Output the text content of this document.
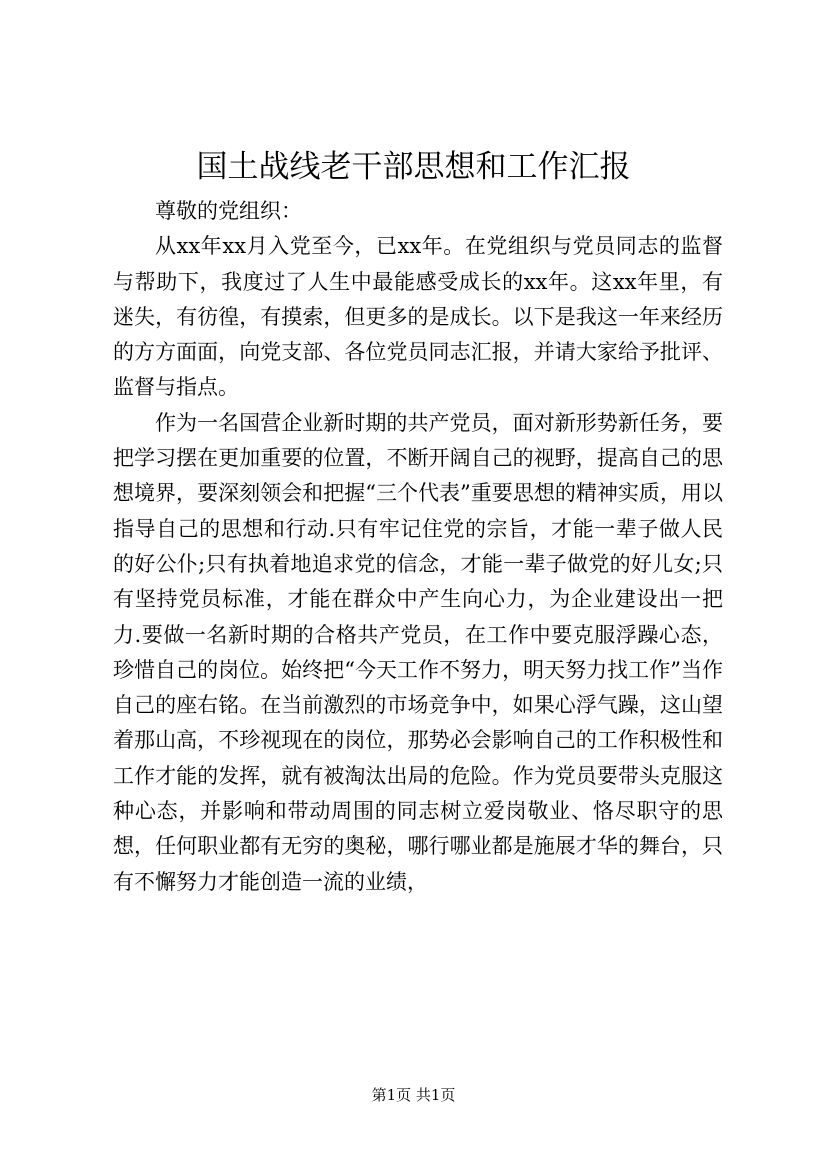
国土战线老干部思想和工作汇报

尊敬的党组织：

从xx年xx月入党至今，已xx年。在党组织与党员同志的监督与帮助下，我度过了人生中最能感受成长的xx年。这xx年里，有迷失，有彷徨，有摸索，但更多的是成长。以下是我这一年来经历的方方面面，向党支部、各位党员同志汇报，并请大家给予批评、监督与指点。

作为一名国营企业新时期的共产党员，面对新形势新任务，要把学习摆在更加重要的位置，不断开阔自己的视野，提高自己的思想境界，要深刻领会和把握“三个代表”重要思想的精神实质，用以指导自己的思想和行动.只有牢记住党的宗旨，才能一辈子做人民的好公仆;只有执着地追求党的信念，才能一辈子做党的好儿女;只有坚持党员标准，才能在群众中产生向心力，为企业建设出一把力.要做一名新时期的合格共产党员，在工作中要克服浮躁心态，珍惜自己的岗位。始终把“今天工作不努力，明天努力找工作”当作自己的座右铭。在当前激烈的市场竞争中，如果心浮气躁，这山望着那山高，不珍视现在的岗位，那势必会影响自己的工作积极性和工作才能的发挥，就有被淘汰出局的危险。作为党员要带头克服这种心态，并影响和带动周围的同志树立爱岗敬业、恪尽职守的思想，任何职业都有无穷的奥秘，哪行哪业都是施展才华的舞台，只有不懈努力才能创造一流的业绩，

第1页 共1页
